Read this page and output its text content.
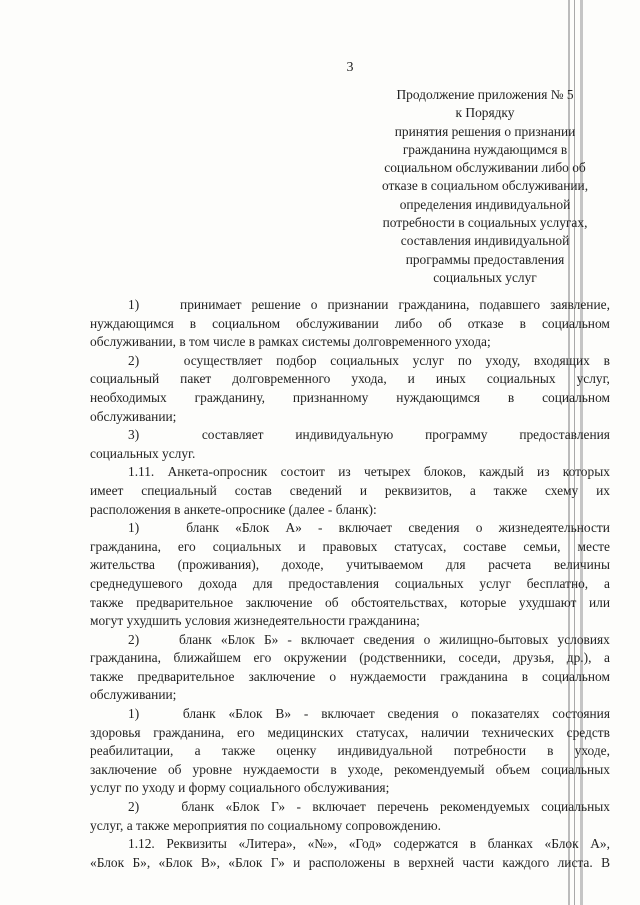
3
Продолжение приложения № 5
к Порядку
принятия решения о признании
гражданина нуждающимся в
социальном обслуживании либо об
отказе в социальном обслуживании,
определения индивидуальной
потребности в социальных услугах,
составления индивидуальной
программы предоставления
социальных услуг
1)	принимает решение о признании гражданина, подавшего заявление,
нуждающимся в социальном обслуживании либо об отказе в социальном
обслуживании, в том числе в рамках системы долговременного ухода;
2)	осуществляет подбор социальных услуг по уходу, входящих в
социальный пакет долговременного ухода, и иных социальных услуг,
необходимых гражданину, признанному нуждающимся в социальном
обслуживании;
3)	составляет индивидуальную программу предоставления
социальных услуг.
1.11. Анкета-опросник состоит из четырех блоков, каждый из которых
имеет специальный состав сведений и реквизитов, а также схему их
расположения в анкете-опроснике (далее - бланк):
1)	бланк «Блок А» - включает сведения о жизнедеятельности
гражданина, его социальных и правовых статусах, составе семьи, месте
жительства (проживания), доходе, учитываемом для расчета величины
среднедушевого дохода для предоставления социальных услуг бесплатно, а
также предварительное заключение об обстоятельствах, которые ухудшают или
могут ухудшить условия жизнедеятельности гражданина;
2)	бланк «Блок Б» - включает сведения о жилищно-бытовых условиях
гражданина, ближайшем его окружении (родственники, соседи, друзья, др.), а
также предварительное заключение о нуждаемости гражданина в социальном
обслуживании;
1)	бланк «Блок В» - включает сведения о показателях состояния
здоровья гражданина, его медицинских статусах, наличии технических средств
реабилитации, а также оценку индивидуальной потребности в уходе,
заключение об уровне нуждаемости в уходе, рекомендуемый объем социальных
услуг по уходу и форму социального обслуживания;
2)	бланк «Блок Г» - включает перечень рекомендуемых социальных
услуг, а также мероприятия по социальному сопровождению.
1.12. Реквизиты «Литера», «№», «Год» содержатся в бланках «Блок А»,
«Блок Б», «Блок В», «Блок Г» и расположены в верхней части каждого листа. В
